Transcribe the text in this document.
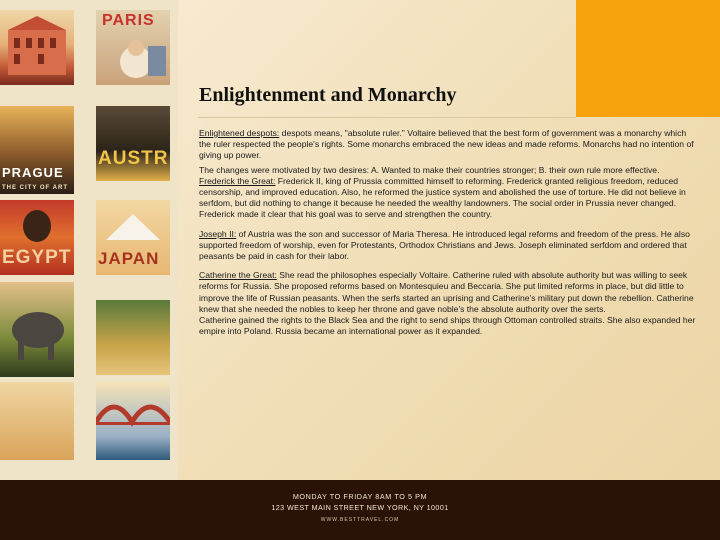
PARIS
AUSTR
PRAGUE
THE CITY OF ART
EGYPT JAPAN
Enlightenment and Monarchy

Enlightened despots: despots means, "absolute ruler." Voltaire believed that the best form of government was a monarchy which the ruler respected the people's rights. Some monarchs embraced the new ideas and made reforms. Monarchs had no intention of giving up power.

The changes were motivated by two desires: A. Wanted to make their countries stronger; B. their own rule more effective.

Frederick the Great: Frederick II, king of Prussia committed himself to reforming. Frederick granted religious freedom, reduced censorship, and improved education. Also, he reformed the justice system and abolished the use of torture. He did not believe in serfdom, but did nothing to change it because he needed the wealthy landowners. The social order in Prussia never changed. Frederick made it clear that his goal was to serve and strengthen the country.

Joseph II: of Austria was the son and successor of Maria Theresa. He introduced legal reforms and freedom of the press. He also supported freedom of worship, even for Protestants, Orthodox Christians and Jews. Joseph eliminated serfdom and ordered that peasants be paid in cash for their labor.

Catherine the Great: She read the philosophes especially Voltaire. Catherine ruled with absolute authority but was willing to seek reforms for Russia. She proposed reforms based on Montesquieu and Beccaria. She put limited reforms in place, but did little to improve the life of Russian peasants. When the serfs started an uprising and Catherine's military put down the rebellion. Catherine knew that she needed the nobles to keep her throne and gave noble's the absolute authority over the serts.

Catherine gained the rights to the Black Sea and the right to send ships through Ottoman controlled straits. She also expanded her empire into Poland. Russia became an international power as it expanded.

MONDAY TO FRIDAY 8AM TO 5 PM
123 WEST MAIN STREET NEW YORK, NY 10001
WWW.BESTTRAVEL.COM
